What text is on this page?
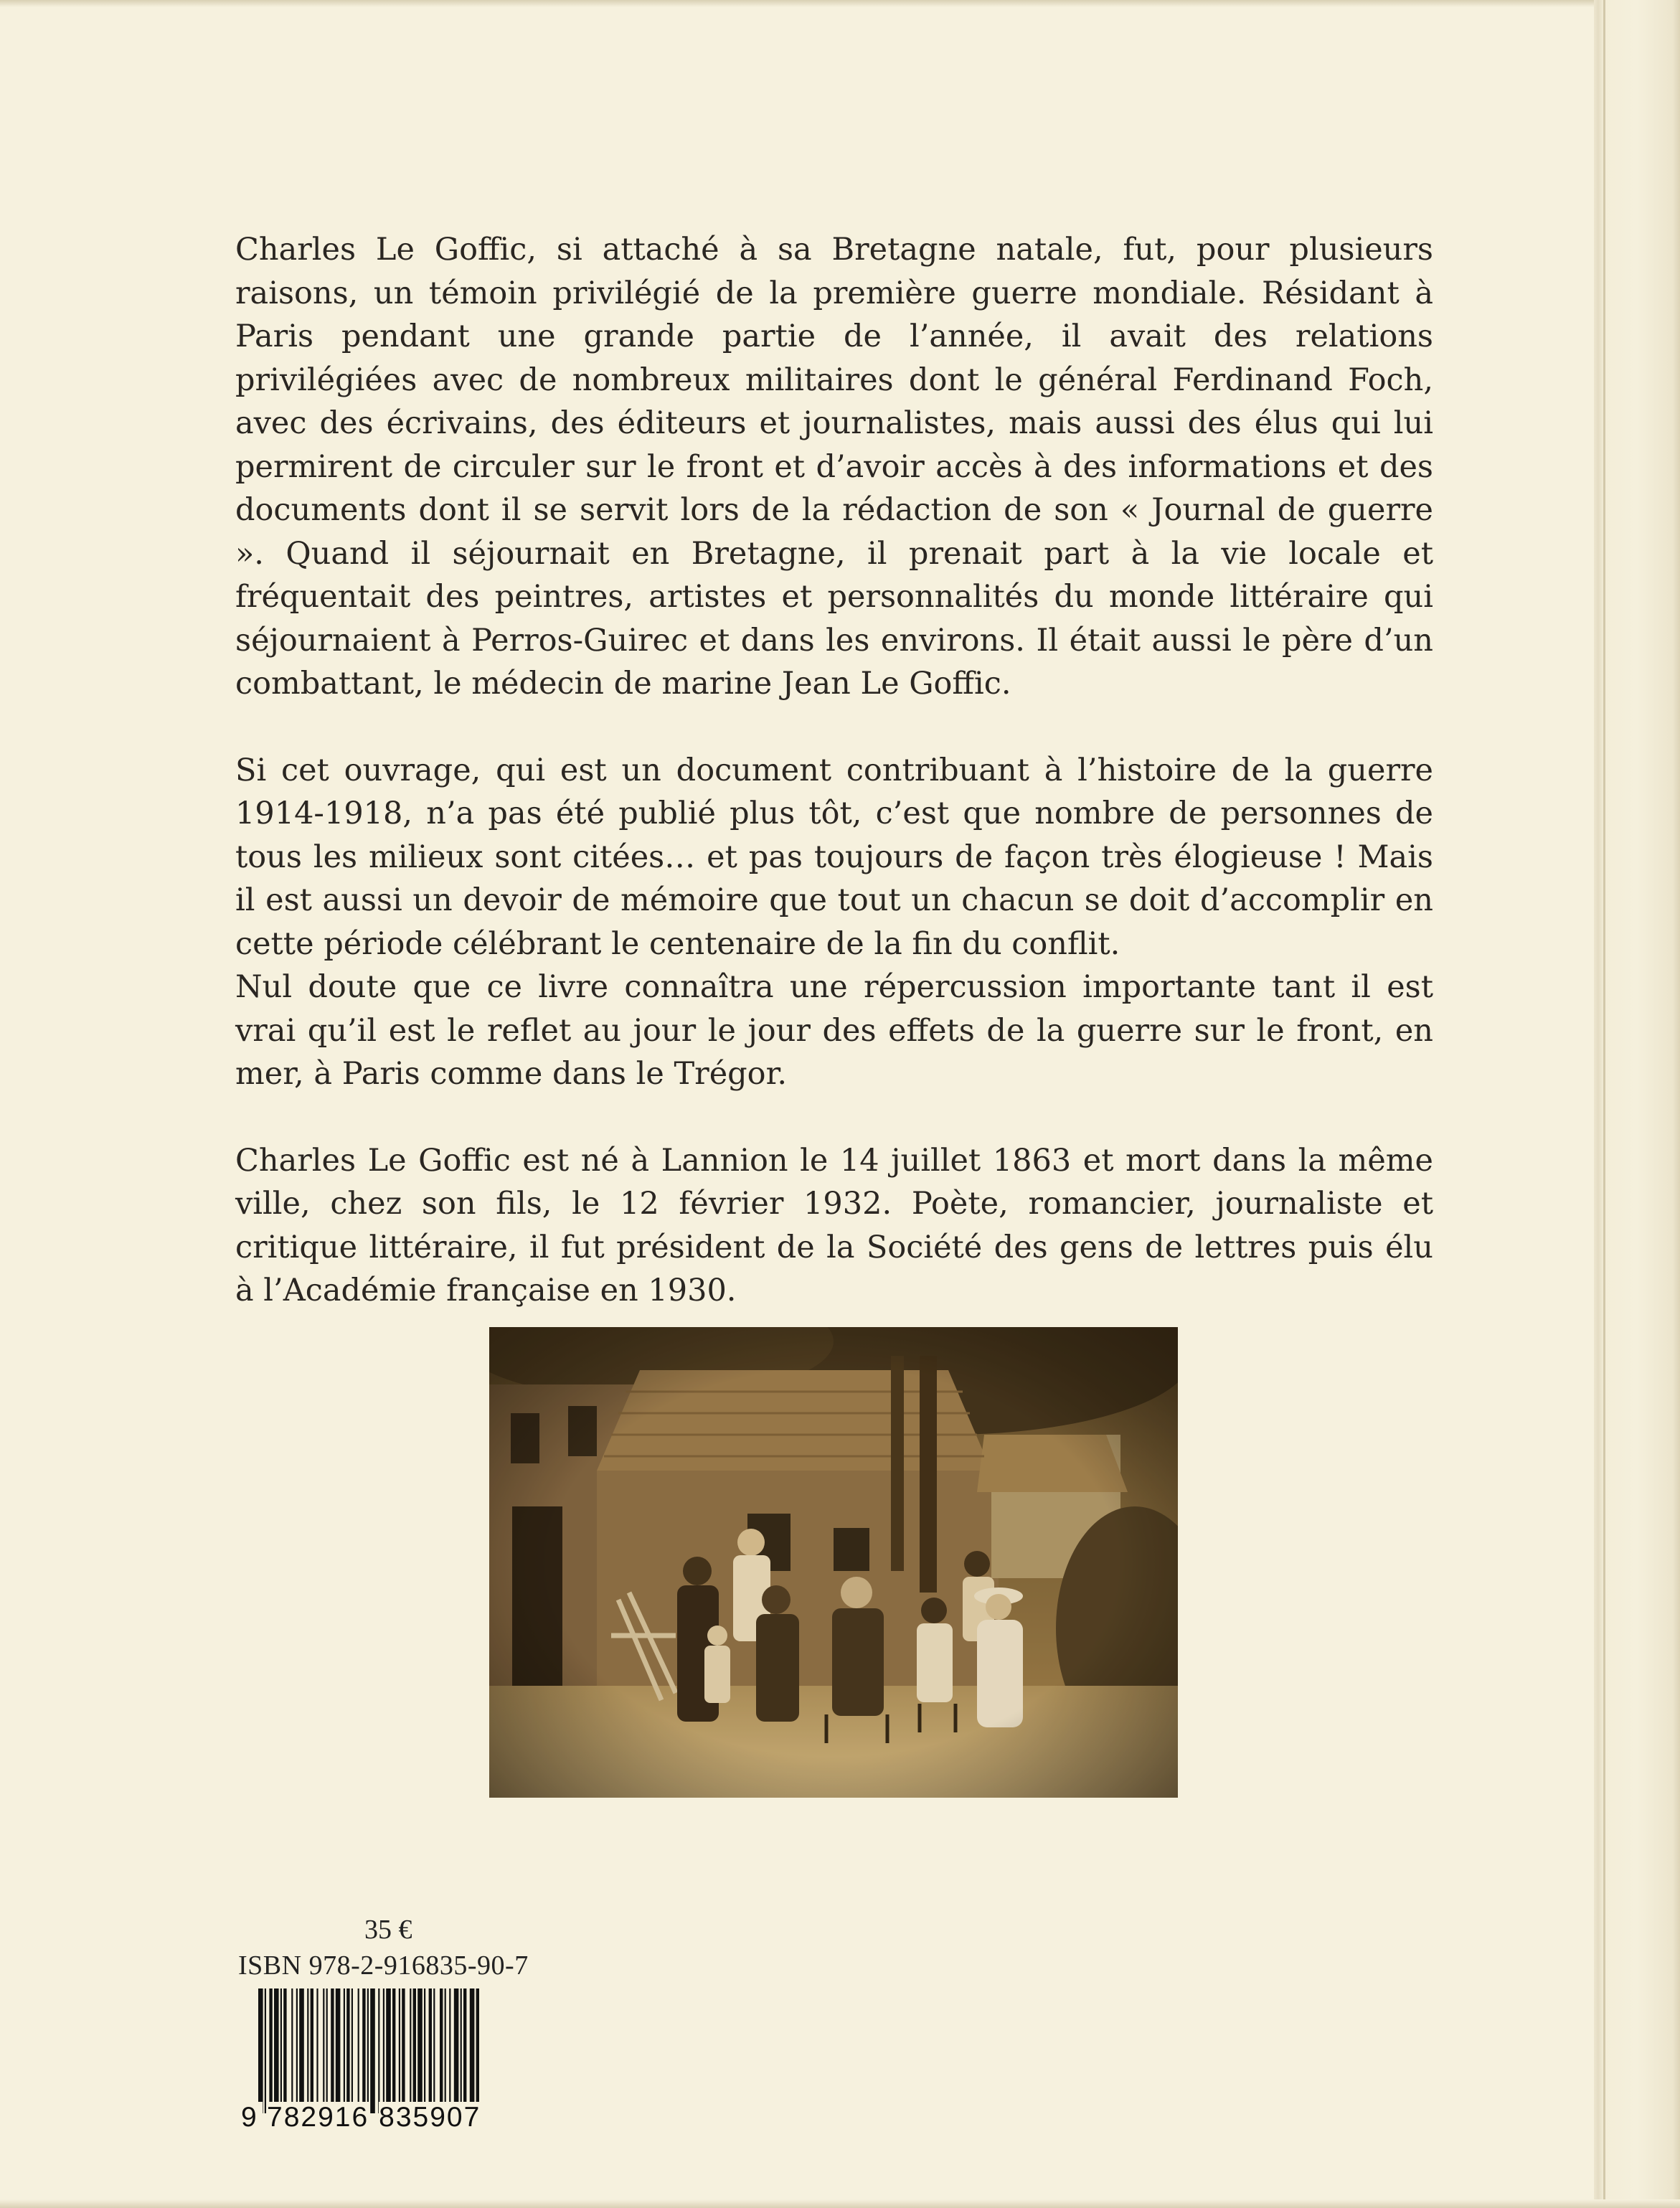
Charles Le Goffic, si attaché à sa Bretagne natale, fut, pour plusieurs raisons, un témoin privilégié de la première guerre mondiale. Résidant à Paris pendant une grande partie de l’année, il avait des relations privilégiées avec de nombreux militaires dont le général Ferdinand Foch, avec des écrivains, des éditeurs et journalistes, mais aussi des élus qui lui permirent de circuler sur le front et d’avoir accès à des informations et des documents dont il se servit lors de la rédaction de son « Journal de guerre ». Quand il séjournait en Bretagne, il prenait part à la vie locale et fréquentait des peintres, artistes et personnalités du monde littéraire qui séjournaient à Perros-Guirec et dans les environs. Il était aussi le père d’un combattant, le médecin de marine Jean Le Goffic.

Si cet ouvrage, qui est un document contribuant à l’histoire de la guerre 1914-1918, n’a pas été publié plus tôt, c’est que nombre de personnes de tous les milieux sont citées… et pas toujours de façon très élogieuse ! Mais il est aussi un devoir de mémoire que tout un chacun se doit d’accomplir en cette période célébrant le centenaire de la fin du conflit.

Nul doute que ce livre connaîtra une répercussion importante tant il est vrai qu’il est le reflet au jour le jour des effets de la guerre sur le front, en mer, à Paris comme dans le Trégor.

Charles Le Goffic est né à Lannion le 14 juillet 1863 et mort dans la même ville, chez son fils, le 12 février 1932. Poète, romancier, journaliste et critique littéraire, il fut président de la Société des gens de lettres puis élu à l’Académie française en 1930.

35 €
ISBN 978-2-916835-90-7
9 782916 835907
